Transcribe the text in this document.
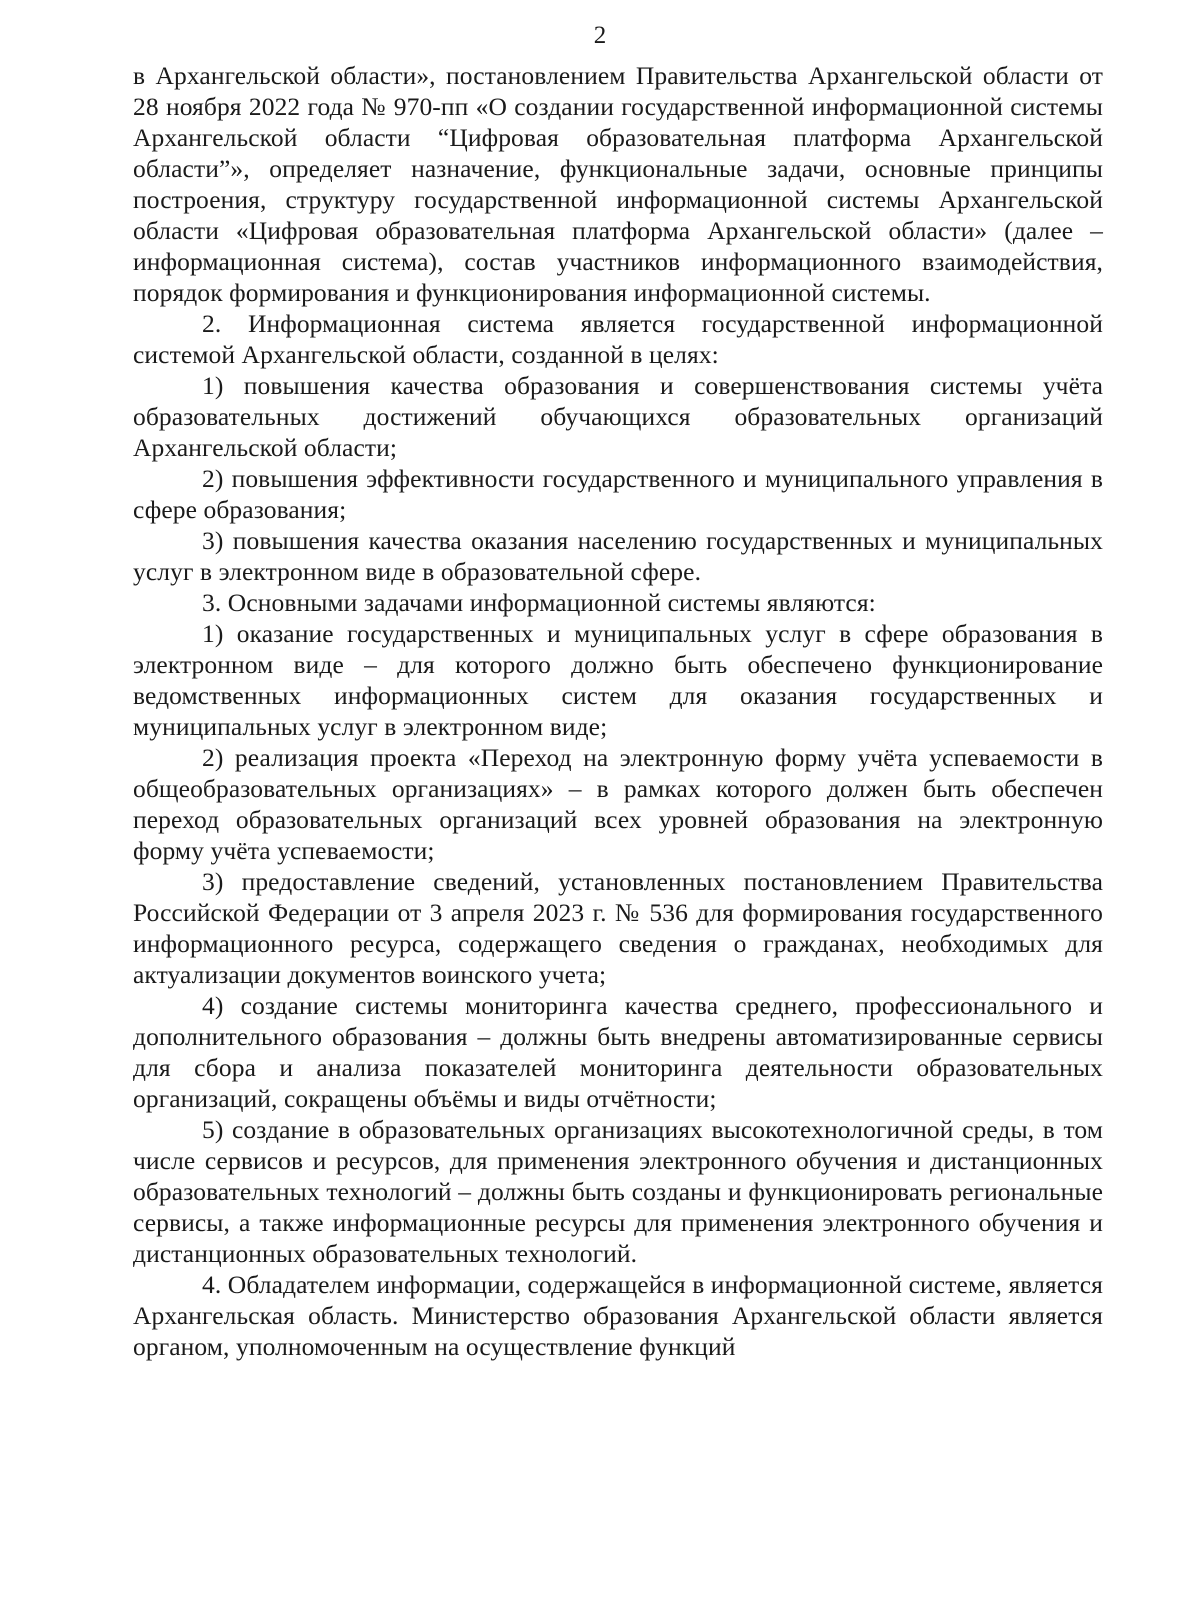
2

в Архангельской области», постановлением Правительства Архангельской области от 28 ноября 2022 года № 970-пп «О создании государственной информационной системы Архангельской области “Цифровая образовательная платформа Архангельской области”», определяет назначение, функциональные задачи, основные принципы построения, структуру государственной информационной системы Архангельской области «Цифровая образовательная платформа Архангельской области» (далее – информационная система), состав участников информационного взаимодействия, порядок формирования и функционирования информационной системы.

2. Информационная система является государственной информационной системой Архангельской области, созданной в целях:

1) повышения качества образования и совершенствования системы учёта образовательных достижений обучающихся образовательных организаций Архангельской области;

2) повышения эффективности государственного и муниципального управления в сфере образования;

3) повышения качества оказания населению государственных и муниципальных услуг в электронном виде в образовательной сфере.

3. Основными задачами информационной системы являются:

1) оказание государственных и муниципальных услуг в сфере образования в электронном виде – для которого должно быть обеспечено функционирование ведомственных информационных систем для оказания государственных и муниципальных услуг в электронном виде;

2) реализация проекта «Переход на электронную форму учёта успеваемости в общеобразовательных организациях» – в рамках которого должен быть обеспечен переход образовательных организаций всех уровней образования на электронную форму учёта успеваемости;

3) предоставление сведений, установленных постановлением Правительства Российской Федерации от 3 апреля 2023 г. № 536 для формирования государственного информационного ресурса, содержащего сведения о гражданах, необходимых для актуализации документов воинского учета;

4) создание системы мониторинга качества среднего, профессионального и дополнительного образования – должны быть внедрены автоматизированные сервисы для сбора и анализа показателей мониторинга деятельности образовательных организаций, сокращены объёмы и виды отчётности;

5) создание в образовательных организациях высокотехнологичной среды, в том числе сервисов и ресурсов, для применения электронного обучения и дистанционных образовательных технологий – должны быть созданы и функционировать региональные сервисы, а также информационные ресурсы для применения электронного обучения и дистанционных образовательных технологий.

4. Обладателем информации, содержащейся в информационной системе, является Архангельская область. Министерство образования Архангельской области является органом, уполномоченным на осуществление функций
